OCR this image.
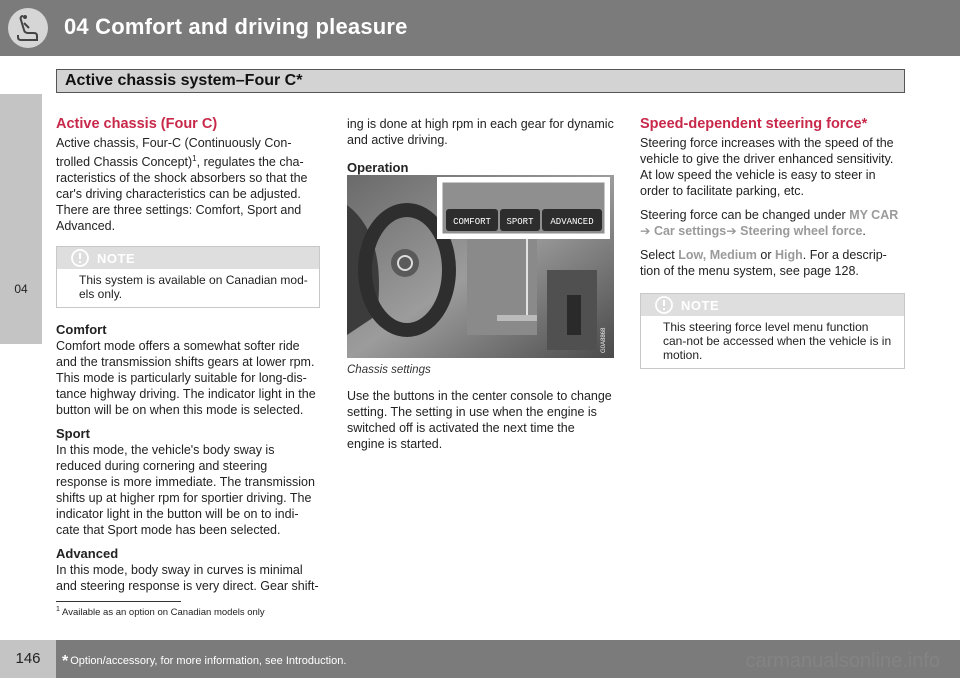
04 Comfort and driving pleasure
Active chassis system–Four C*
04
Active chassis (Four C)

Active chassis, Four-C (Continuously Con-trolled Chassis Concept)$^1$, regulates the cha-racteristics of the shock absorbers so that the car's driving characteristics can be adjusted. There are three settings: Comfort, Sport and Advanced.

NOTE
This system is available on Canadian mod-els only.
Comfort

Comfort mode offers a somewhat softer ride and the transmission shifts gears at lower rpm. This mode is particularly suitable for long-dis-tance highway driving. The indicator light in the button will be on when this mode is selected.

Sport

In this mode, the vehicle's body sway is reduced during cornering and steering response is more immediate. The transmission shifts up at higher rpm for sportier driving. The indicator light in the button will be on to indi-cate that Sport mode has been selected.

Advanced

In this mode, body sway in curves is minimal and steering response is very direct. Gear shift-

ing is done at high rpm in each gear for dynamic and active driving.

Operation
COMFORT SPORT ADVANCED
G0A8868
Chassis settings

Use the buttons in the center console to change setting. The setting in use when the engine is switched off is activated the next time the engine is started.

Speed-dependent steering force*

Steering force increases with the speed of the vehicle to give the driver enhanced sensitivity. At low speed the vehicle is easy to steer in order to facilitate parking, etc.

Steering force can be changed under MY CAR
➔ Car settings➔ Steering wheel force.

Select Low, Medium or High. For a descrip-tion of the menu system, see page 128.

NOTE
This steering force level menu function can-not be accessed when the vehicle is in motion.
$^1$ Available as an option on Canadian models only
146	* Option/accessory, for more information, see Introduction.	carmanualsonline.info
